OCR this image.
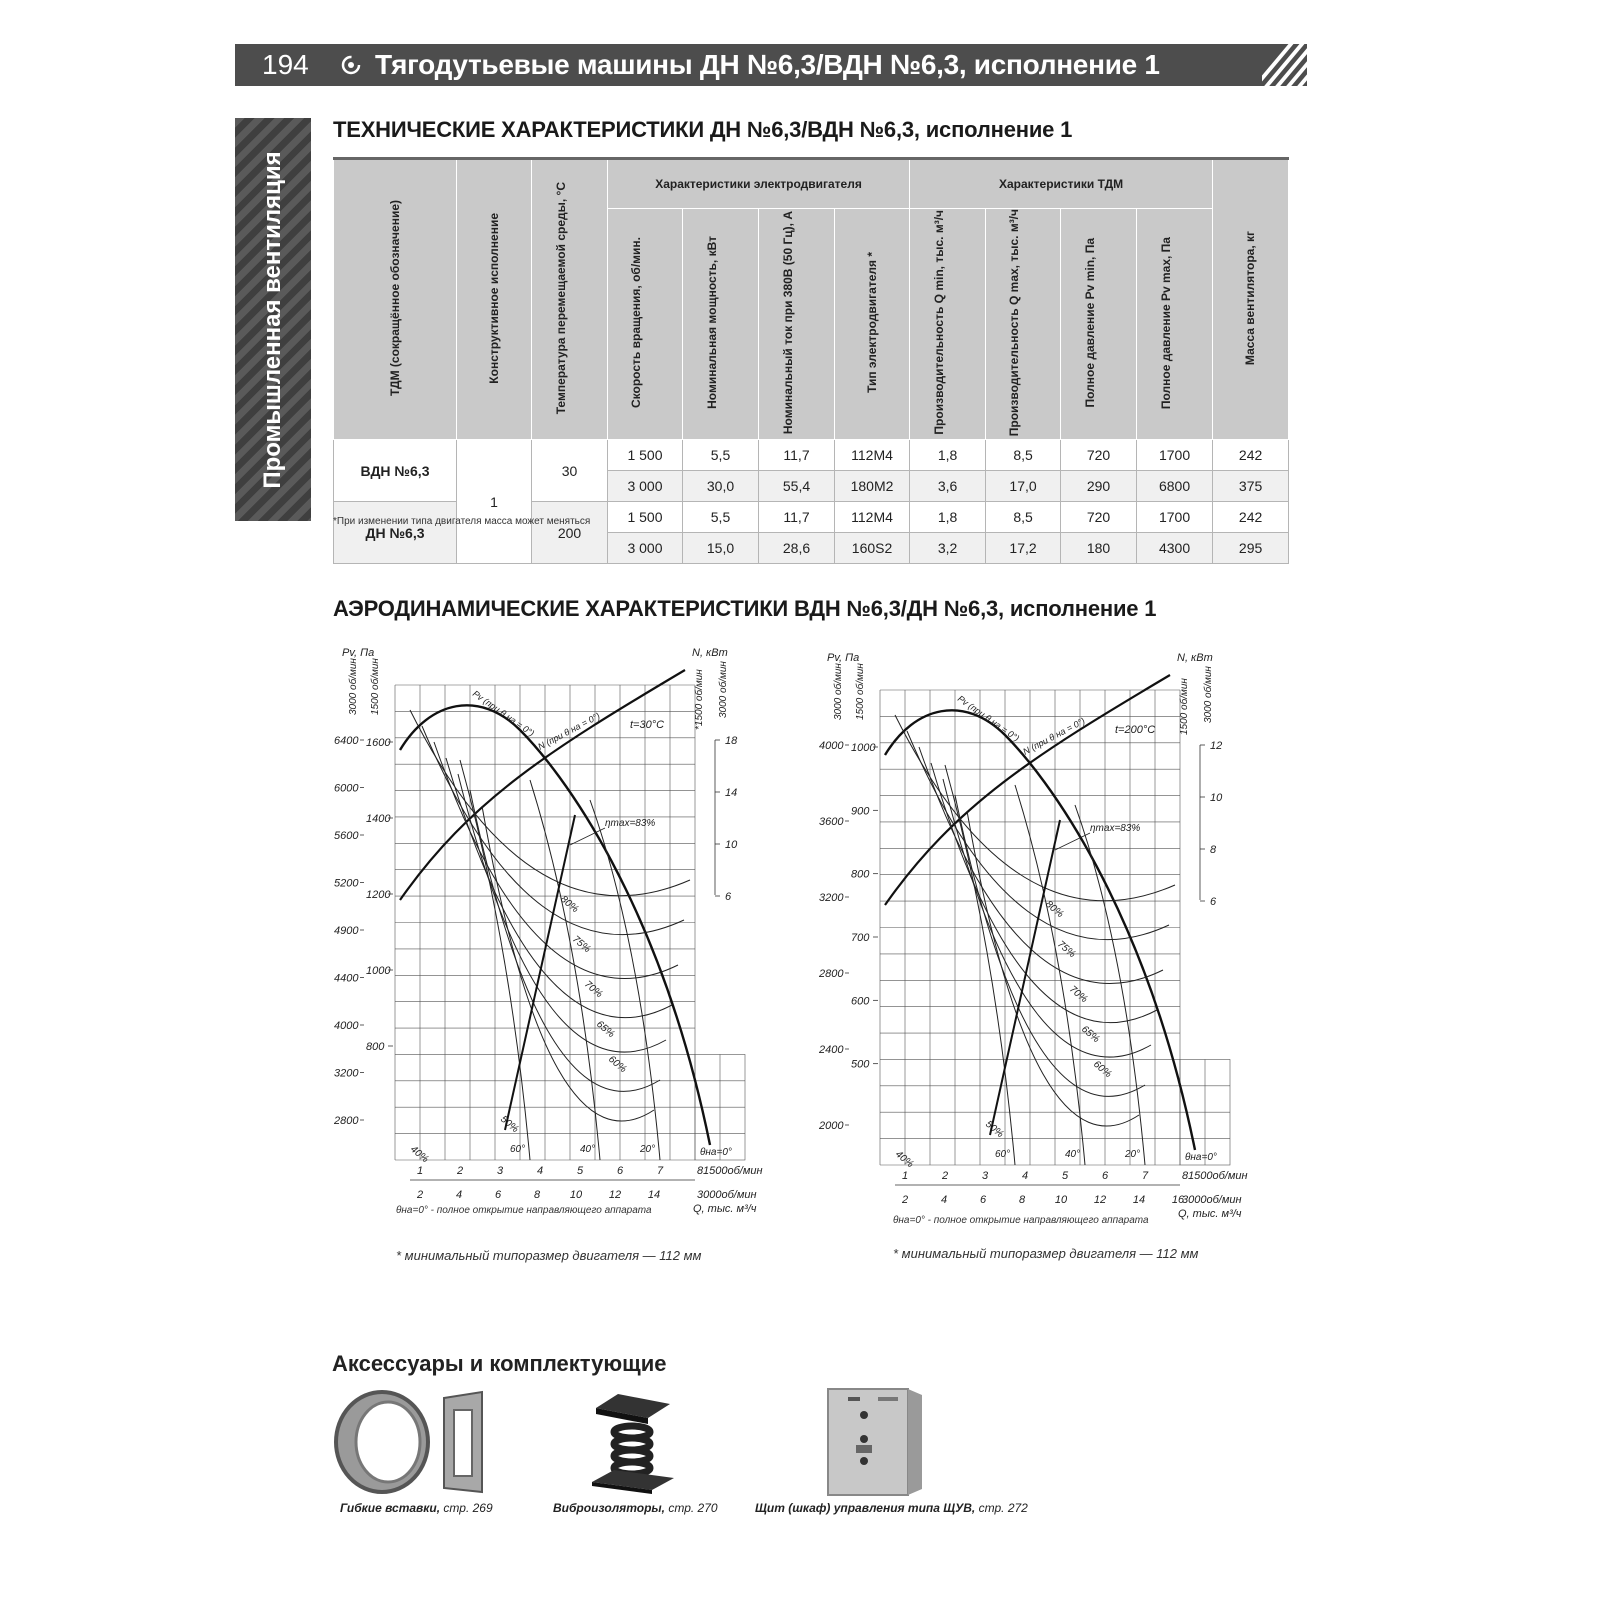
194 Тягодутьевые машины ДН №6,3/ВДН №6,3, исполнение 1
Промышленная вентиляция
ТЕХНИЧЕСКИЕ ХАРАКТЕРИСТИКИ ДН №6,3/ВДН №6,3, исполнение 1
ТДМ (сокращённое обозначение)	Конструктивное исполнение	Температура перемещаемой среды, °С	Характеристики электродвигателя				Характеристики ТДМ				Масса вентилятора, кг
			Скорость вращения, об/мин.	Номинальная мощность, кВт	Номинальный ток при 380В (50 Гц), А	Тип электродвигателя *	Производительность Q min, тыс. м³/ч	Производительность Q max, тыс. м³/ч	Полное давление Pv min, Па	Полное давление Pv max, Па	
ВДН №6,3	1	30	1 500	5,5	11,7	112М4	1,8	8,5	720	1700	242
			3 000	30,0	55,4	180М2	3,6	17,0	290	6800	375
ДН №6,3		200	1 500	5,5	11,7	112М4	1,8	8,5	720	1700	242
			3 000	15,0	28,6	160S2	3,2	17,2	180	4300	295
*При изменении типа двигателя масса может меняться
АЭРОДИНАМИЧЕСКИЕ ХАРАКТЕРИСТИКИ ВДН №6,3/ДН №6,3, исполнение 1
Pv, Па	N, кВт
3000 об/мин 1500 об/мин	*1500 об/мин 3000 об/мин
t=30°C
6400
6000
5600
5200
4900
4400
4000
3200
2800
1600
1400
1200
1000
800
18
14
10
6
1	2	3	4	5	6	7	8 1500об/мин
2	4	6	8	10 12 14	3000об/мин
Q, тыс. м³/ч
Pv (при θ на = 0°) N (при θ на = 0°)
80%
75%
70%
65%
60%
50%
40%	60°	40°	20°	θна=0°
ηmax=83%
Pv, Па	N, кВт
3000 об/мин 1500 об/мин	1500 об/мин 3000 об/мин
t=200°C
4000
3600
3200
2800
2400
2000
1000
900
800
700
600
500
12
10
8
6
1	2	3	4	5	6	7	8 1500об/мин
2	4	6	8	10 12 14 16
3000об/мин
Q, тыс. м³/ч
Pv (при θ на = 0°) N (при θ на = 0°)
80%
75%
70%
65%
60%
50%
40%	60°	40°	20°	θна=0°
ηmax=83%
θна=0° - полное открытие направляющего аппарата
* минимальный типоразмер двигателя — 112 мм
θна=0° - полное открытие направляющего аппарата
* минимальный типоразмер двигателя — 112 мм
Аксессуары и комплектующие
Гибкие вставки, стр. 269	Виброизоляторы, стр. 270	Щит (шкаф) управления типа ЩУВ, стр. 272
